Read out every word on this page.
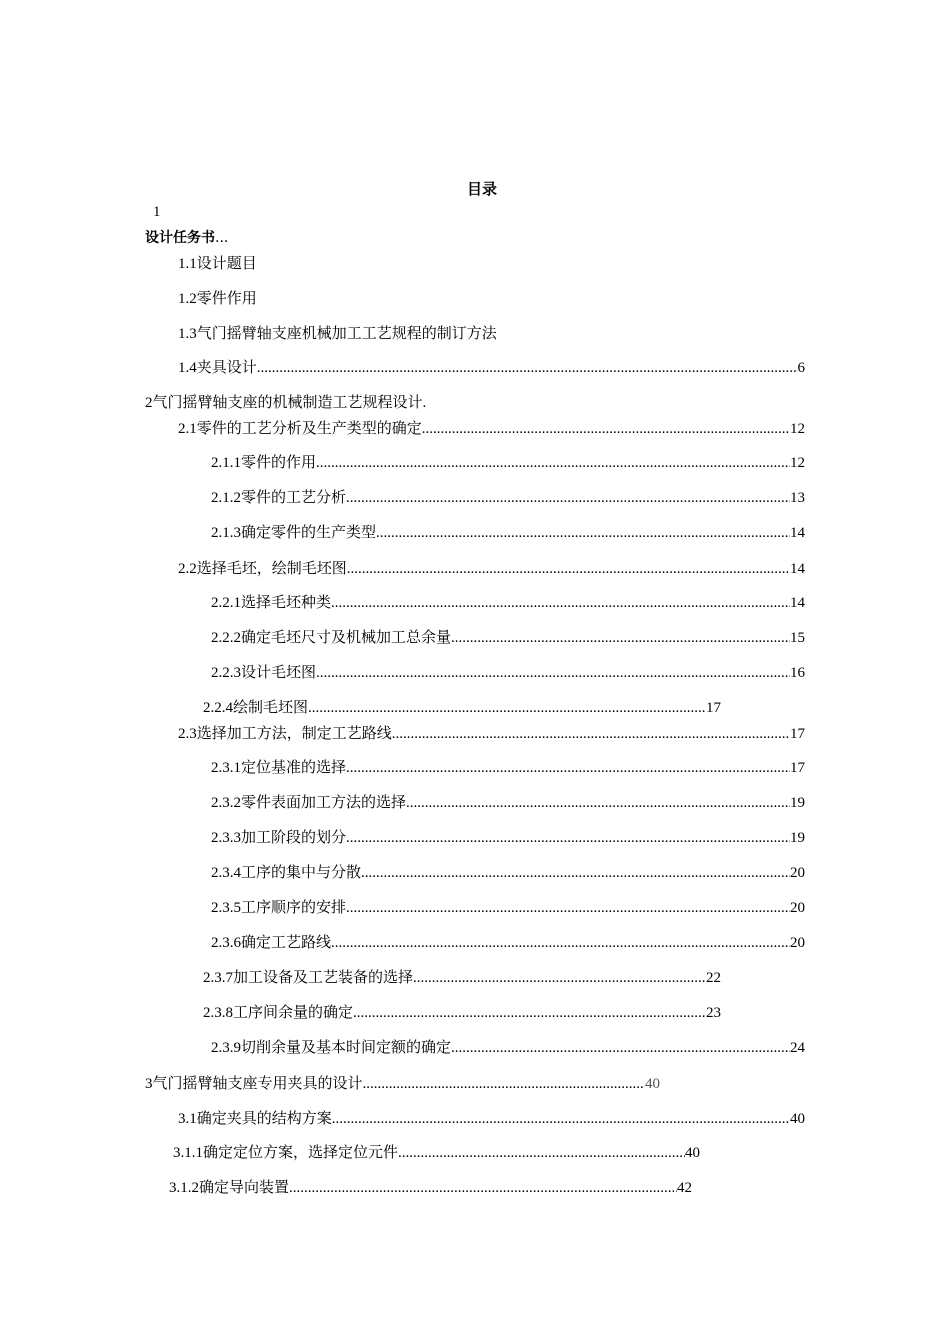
目录
1
设计任务书...
1.1 设计题目
1.2 零件作用
1.3 气门摇臂轴支座机械加工工艺规程的制订方法
1.4 夹具设计 .....	6
2 气门摇臂轴支座的机械制造工艺规程设计.
2.1 零件的工艺分析及生产类型的确定 .....	12
2.1.1 零件的作用 .....	12
2.1.2 零件的工艺分析 .....	13
2.1.3 确定零件的生产类型 .....	14
2.2 选择毛坯，绘制毛坯图 .....	14
2.2.1 选择毛坯种类 .....	14
2.2.2 确定毛坯尺寸及机械加工总余量 .....	15
2.2.3 设计毛坯图 .....	16
2.2.4 绘制毛坯图 .....	17
2.3 选择加工方法，制定工艺路线 .....	17
2.3.1 定位基准的选择 .....	17
2.3.2 零件表面加工方法的选择 .....	19
2.3.3 加工阶段的划分 .....	19
2.3.4 工序的集中与分散 .....	20
2.3.5 工序顺序的安排 .....	20
2.3.6 确定工艺路线 .....	20
2.3.7 加工设备及工艺装备的选择 .....	22
2.3.8 工序间余量的确定 .....	23
2.3.9 切削余量及基本时间定额的确定 .....	24
3 气门摇臂轴支座专用夹具的设计 .....	40
3.1 确定夹具的结构方案 .....	40
3.1.1 确定定位方案，选择定位元件 .....	40
3.1.2 确定导向装置 .....	42
